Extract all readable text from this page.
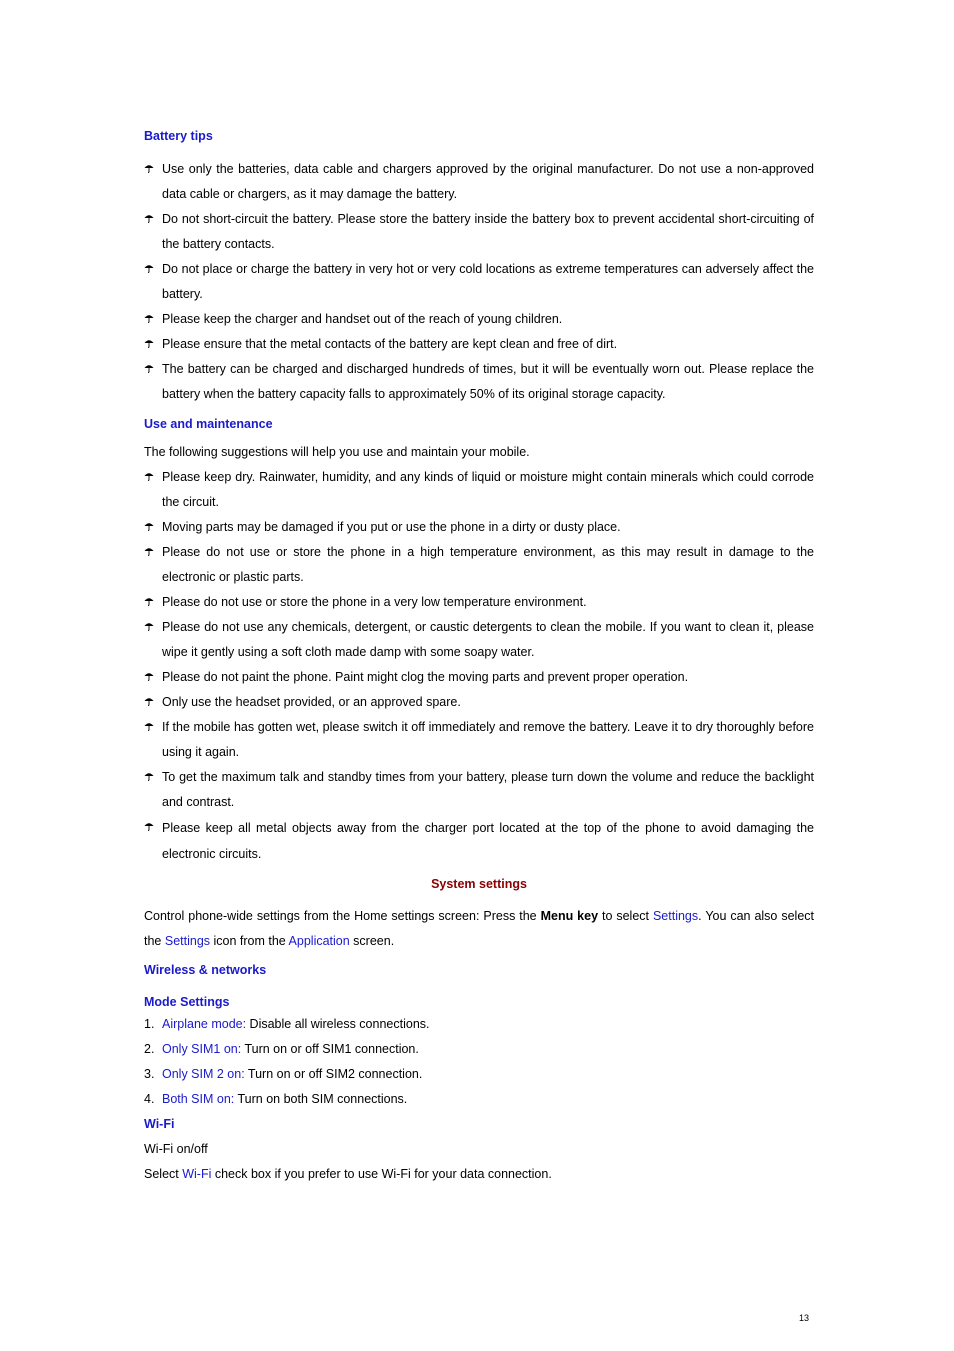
Battery tips
Use only the batteries, data cable and chargers approved by the original manufacturer. Do not use a non-approved data cable or chargers, as it may damage the battery.
Do not short-circuit the battery. Please store the battery inside the battery box to prevent accidental short-circuiting of the battery contacts.
Do not place or charge the battery in very hot or very cold locations as extreme temperatures can adversely affect the battery.
Please keep the charger and handset out of the reach of young children.
Please ensure that the metal contacts of the battery are kept clean and free of dirt.
The battery can be charged and discharged hundreds of times, but it will be eventually worn out. Please replace the battery when the battery capacity falls to approximately 50% of its original storage capacity.
Use and maintenance

The following suggestions will help you use and maintain your mobile.

Please keep dry. Rainwater, humidity, and any kinds of liquid or moisture might contain minerals which could corrode the circuit.
Moving parts may be damaged if you put or use the phone in a dirty or dusty place.
Please do not use or store the phone in a high temperature environment, as this may result in damage to the electronic or plastic parts.
Please do not use or store the phone in a very low temperature environment.
Please do not use any chemicals, detergent, or caustic detergents to clean the mobile. If you want to clean it, please wipe it gently using a soft cloth made damp with some soapy water.
Please do not paint the phone. Paint might clog the moving parts and prevent proper operation.
Only use the headset provided, or an approved spare.
If the mobile has gotten wet, please switch it off immediately and remove the battery. Leave it to dry thoroughly before using it again.
To get the maximum talk and standby times from your battery, please turn down the volume and reduce the backlight and contrast.
Please keep all metal objects away from the charger port located at the top of the phone to avoid damaging the electronic circuits.
System settings

Control phone-wide settings from the Home settings screen: Press the Menu key to select Settings. You can also select the Settings icon from the Application screen.

Wireless & networks
Mode Settings
1. Airplane mode: Disable all wireless connections.
2. Only SIM1 on: Turn on or off SIM1 connection.
3. Only SIM 2 on: Turn on or off SIM2 connection.
4. Both SIM on: Turn on both SIM connections.
Wi-Fi

Wi-Fi on/off

Select Wi-Fi check box if you prefer to use Wi-Fi for your data connection.

13
